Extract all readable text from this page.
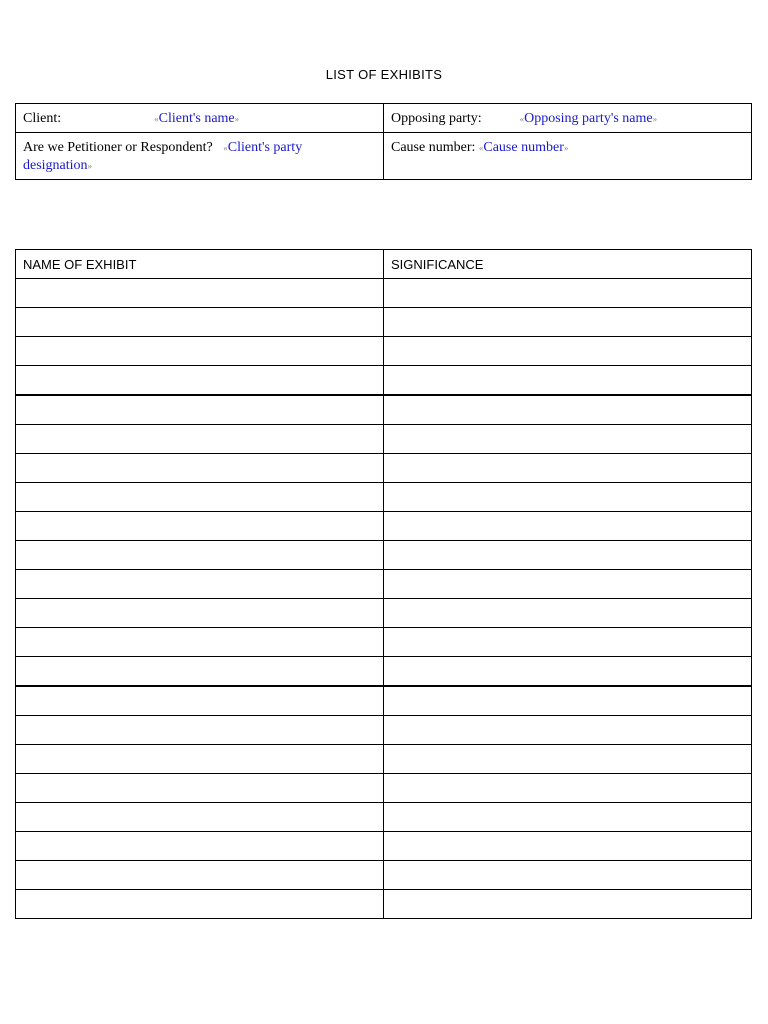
LIST OF EXHIBITS
Client: «Client's name»	Opposing party: «Opposing party's name»
Are we Petitioner or Respondent? «Client's party
designation»	Cause number: «Cause number»
NAME OF EXHIBIT	SIGNIFICANCE
